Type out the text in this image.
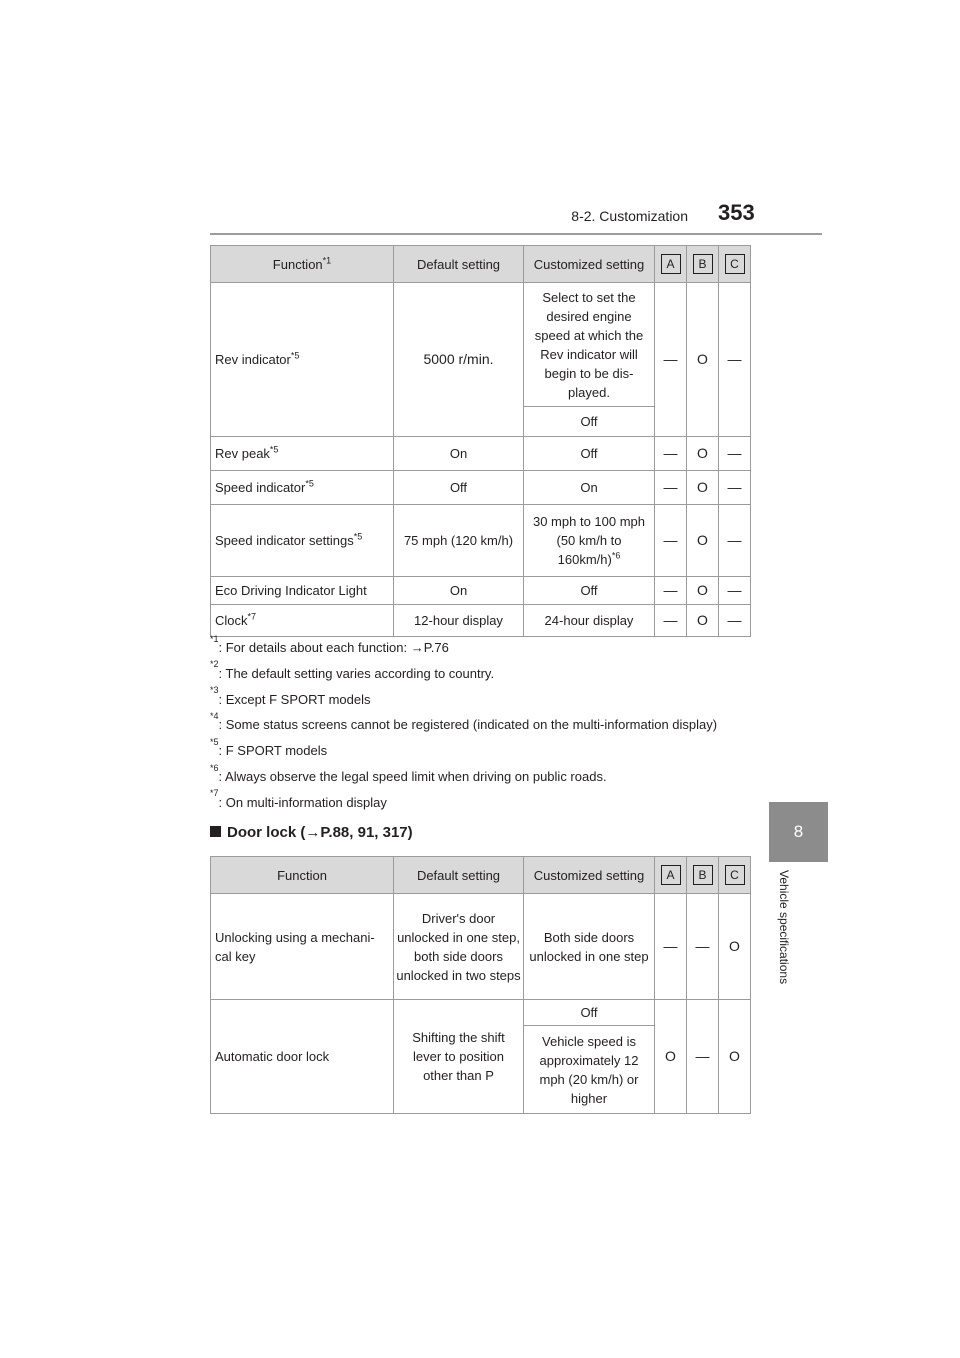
8-2. Customization 353
8
Vehicle specifications
Function$^{*1}$	Default setting	Customized setting	A	B	C
Rev indicator$^{*5}$	5000 r/min.	Select to set the desired engine speed at which the Rev indicator will begin to be dis-played.	—	O	—
		Off			
Rev peak$^{*5}$	On	Off	—	O	—
Speed indicator$^{*5}$	Off	On	—	O	—
Speed indicator settings$^{*5}$	75 mph (120 km/h)	30 mph to 100 mph (50 km/h to 160km/h)$^{*6}$	—	O	—
Eco Driving Indicator Light	On	Off	—	O	—
Clock$^{*7}$	12-hour display	24-hour display	—	O	—
$^{*1}$: For details about each function: →P.76
$^{*2}$: The default setting varies according to country.
$^{*3}$: Except F SPORT models
$^{*4}$: Some status screens cannot be registered (indicated on the multi-information display)
$^{*5}$: F SPORT models
$^{*6}$: Always observe the legal speed limit when driving on public roads.
$^{*7}$: On multi-information display
Door lock (→P.88, 91, 317)
Function	Default setting	Customized setting	A	B	C
Unlocking using a mechani-cal key	Driver's door unlocked in one step, both side doors unlocked in two steps	Both side doors unlocked in one step	—	—	O
Automatic door lock	Shifting the shift lever to position other than P	Off	O	—	O
		Vehicle speed is approximately 12 mph (20 km/h) or higher			
